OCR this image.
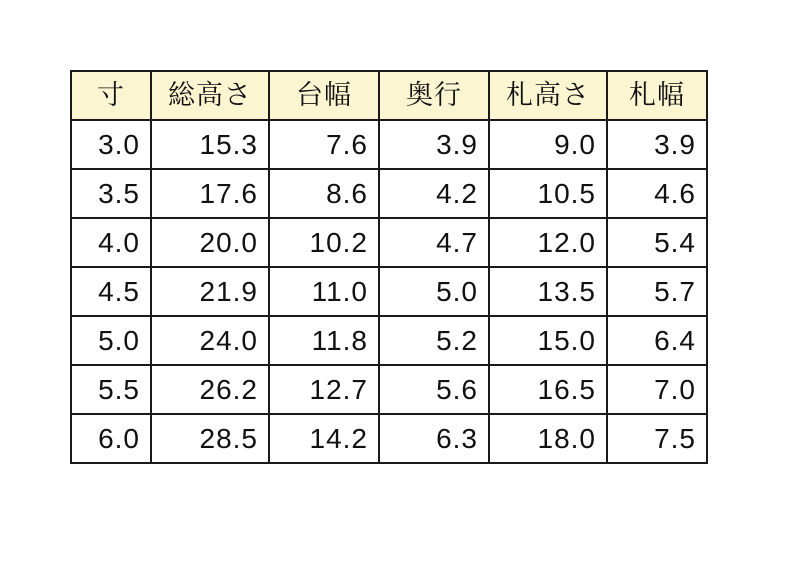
寸	総高さ	台幅	奥行	札高さ	札幅
3.0	15.3	7.6	3.9	9.0	3.9
3.5	17.6	8.6	4.2	10.5	4.6
4.0	20.0	10.2	4.7	12.0	5.4
4.5	21.9	11.0	5.0	13.5	5.7
5.0	24.0	11.8	5.2	15.0	6.4
5.5	26.2	12.7	5.6	16.5	7.0
6.0	28.5	14.2	6.3	18.0	7.5
